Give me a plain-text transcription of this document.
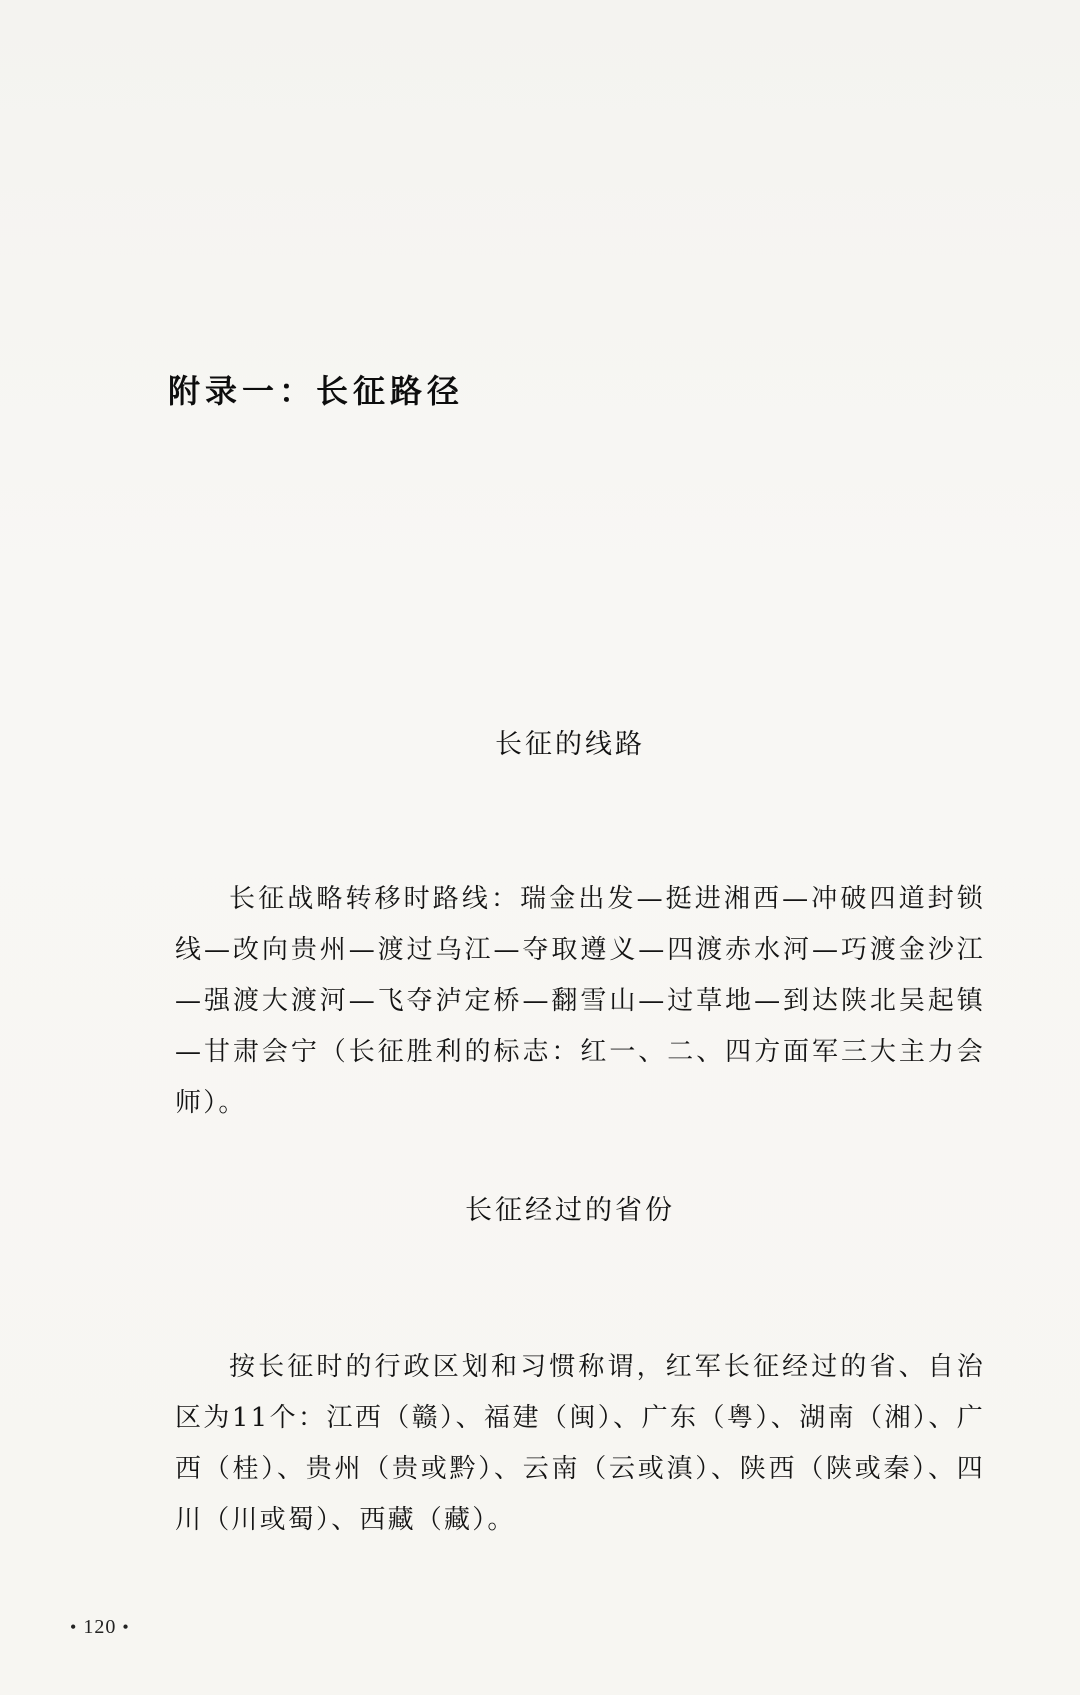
附录一：长征路径
长征的线路

长征战略转移时路线：瑞金出发—挺进湘西—冲破四道封锁线—改向贵州—渡过乌江—夺取遵义—四渡赤水河—巧渡金沙江—强渡大渡河—飞夺泸定桥—翻雪山—过草地—到达陕北吴起镇—甘肃会宁（长征胜利的标志：红一、二、四方面军三大主力会师）。

长征经过的省份

按长征时的行政区划和习惯称谓，红军长征经过的省、自治区为11个：江西（赣）、福建（闽）、广东（粤）、湖南（湘）、广西（桂）、贵州（贵或黔）、云南（云或滇）、陕西（陕或秦）、四川（川或蜀）、西藏（藏）。

• 120 •
